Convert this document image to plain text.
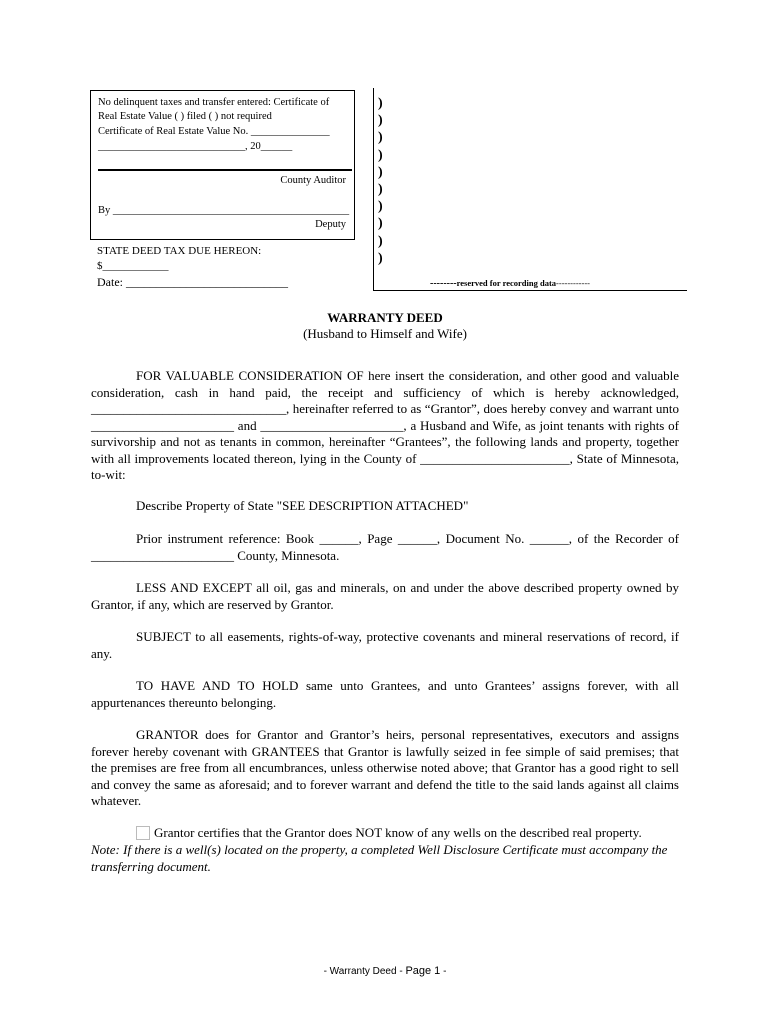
No delinquent taxes and transfer entered: Certificate of
Real Estate Value ( ) filed ( ) not required
Certificate of Real Estate Value No. _______________
____________________________, 20______
County Auditor
By _____________________________________________
Deputy
STATE DEED TAX DUE HEREON:
$____________
Date: ___________________________
)
)
)
)
)
)
)
)
)
)
--------reserved for recording data------------
WARRANTY DEED
(Husband to Himself and Wife)
FOR VALUABLE CONSIDERATION OF here insert the consideration, and other good and valuable consideration, cash in hand paid, the receipt and sufficiency of which is hereby acknowledged, ______________________________, hereinafter referred to as “Grantor”, does hereby convey and warrant unto ______________________ and ______________________, a Husband and Wife, as joint tenants with rights of survivorship and not as tenants in common, hereinafter “Grantees”, the following lands and property, together with all improvements located thereon, lying in the County of _______________________, State of Minnesota, to-wit:
Describe Property of State "SEE DESCRIPTION ATTACHED"
Prior instrument reference: Book ______, Page ______, Document No. ______, of the Recorder of ______________________ County, Minnesota.
LESS AND EXCEPT all oil, gas and minerals, on and under the above described property owned by Grantor, if any, which are reserved by Grantor.
SUBJECT to all easements, rights-of-way, protective covenants and mineral reservations of record, if any.
TO HAVE AND TO HOLD same unto Grantees, and unto Grantees’ assigns forever, with all appurtenances thereunto belonging.
GRANTOR does for Grantor and Grantor’s heirs, personal representatives, executors and assigns forever hereby covenant with GRANTEES that Grantor is lawfully seized in fee simple of said premises; that the premises are free from all encumbrances, unless otherwise noted above; that Grantor has a good right to sell and convey the same as aforesaid; and to forever warrant and defend the title to the said lands against all claims whatever.
Grantor certifies that the Grantor does NOT know of any wells on the described real property.
Note: If there is a well(s) located on the property, a completed Well Disclosure Certificate must accompany the transferring document.
- Warranty Deed - Page 1 -
